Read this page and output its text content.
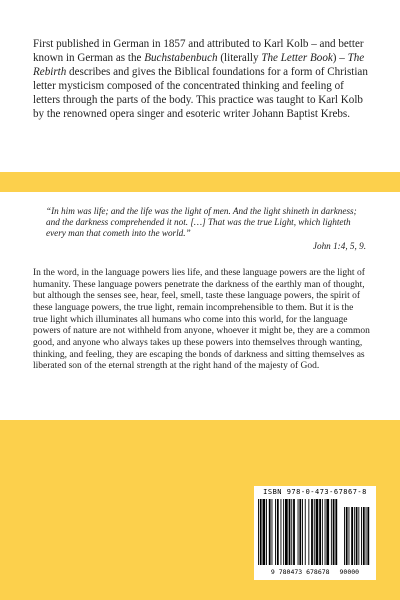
First published in German in 1857 and attributed to Karl Kolb – and better known in German as the Buchstabenbuch (literally The Letter Book) – The Rebirth describes and gives the Biblical foundations for a form of Christian letter mysticism composed of the concentrated thinking and feeling of letters through the parts of the body. This practice was taught to Karl Kolb by the renowned opera singer and esoteric writer Johann Baptist Krebs.

“In him was life; and the life was the light of men. And the light shineth in darkness; and the darkness comprehended it not. […] That was the true Light, which lighteth every man that cometh into the world.”

John 1:4, 5, 9.

In the word, in the language powers lies life, and these language powers are the light of humanity. These language powers penetrate the darkness of the earthly man of thought, but although the senses see, hear, feel, smell, taste these language powers, the spirit of these language powers, the true light, remain incomprehensible to them. But it is the true light which illuminates all humans who come into this world, for the language powers of nature are not withheld from anyone, whoever it might be, they are a common good, and anyone who always takes up these powers into themselves through wanting, thinking, and feeling, they are escaping the bonds of darkness and sitting themselves as liberated son of the eternal strength at the right hand of the majesty of God.

ISBN 978-0-473-67867-8
9 780473 678678 90000
